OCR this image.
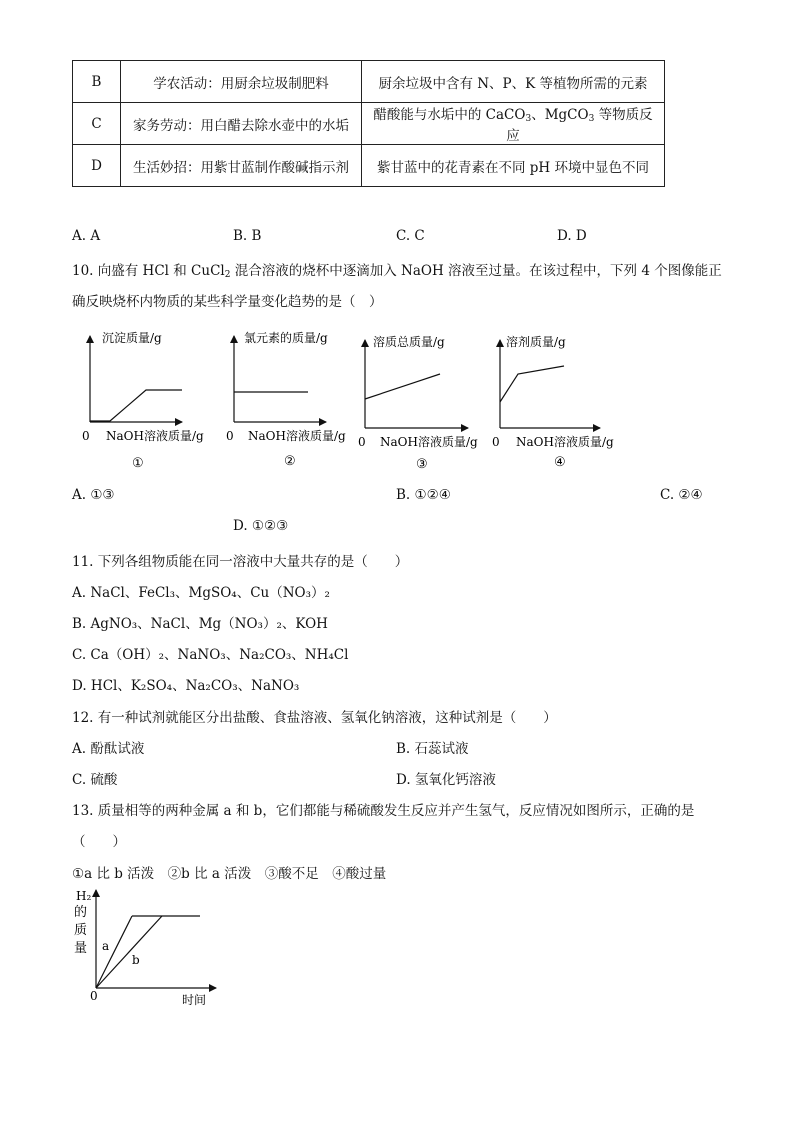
B	学农活动：用厨余垃圾制肥料	厨余垃圾中含有 N、P、K 等植物所需的元素
C	家务劳动：用白醋去除水壶中的水垢	醋酸能与水垢中的 CaCO$_3$、MgCO$_3$ 等物质反应
D	生活妙招：用紫甘蓝制作酸碱指示剂	紫甘蓝中的花青素在不同 pH 环境中显色不同
A. A	B. B	C. C	D. D
10. 向盛有 HCl 和 CuCl$_2$ 混合溶液的烧杯中逐滴加入 NaOH 溶液至过量。在该过程中，下列 4 个图像能正
确反映烧杯内物质的某些科学量变化趋势的是（　）
沉淀质量/g
0 NaOH溶液质量/g
①
氯元素的质量/g
0 NaOH溶液质量/g
②
溶质总质量/g
0 NaOH溶液质量/g
③
溶剂质量/g
0 NaOH溶液质量/g
④
A. ①③	B. ①②④	C. ②④
D. ①②③
11. 下列各组物质能在同一溶液中大量共存的是（　　）
A. NaCl、FeCl₃、MgSO₄、Cu（NO₃）₂
B. AgNO₃、NaCl、Mg（NO₃）₂、KOH
C. Ca（OH）₂、NaNO₃、Na₂CO₃、NH₄Cl
D. HCl、K₂SO₄、Na₂CO₃、NaNO₃
12. 有一种试剂就能区分出盐酸、食盐溶液、氢氧化钠溶液，这种试剂是（　　）
A. 酚酞试液	B. 石蕊试液
C. 硫酸	D. 氢氧化钙溶液
13. 质量相等的两种金属 a 和 b，它们都能与稀硫酸发生反应并产生氢气，反应情况如图所示，正确的是
（　　）
①a 比 b 活泼　②b 比 a 活泼　③酸不足　④酸过量
H₂
的
质
量 a
b
0	时间
